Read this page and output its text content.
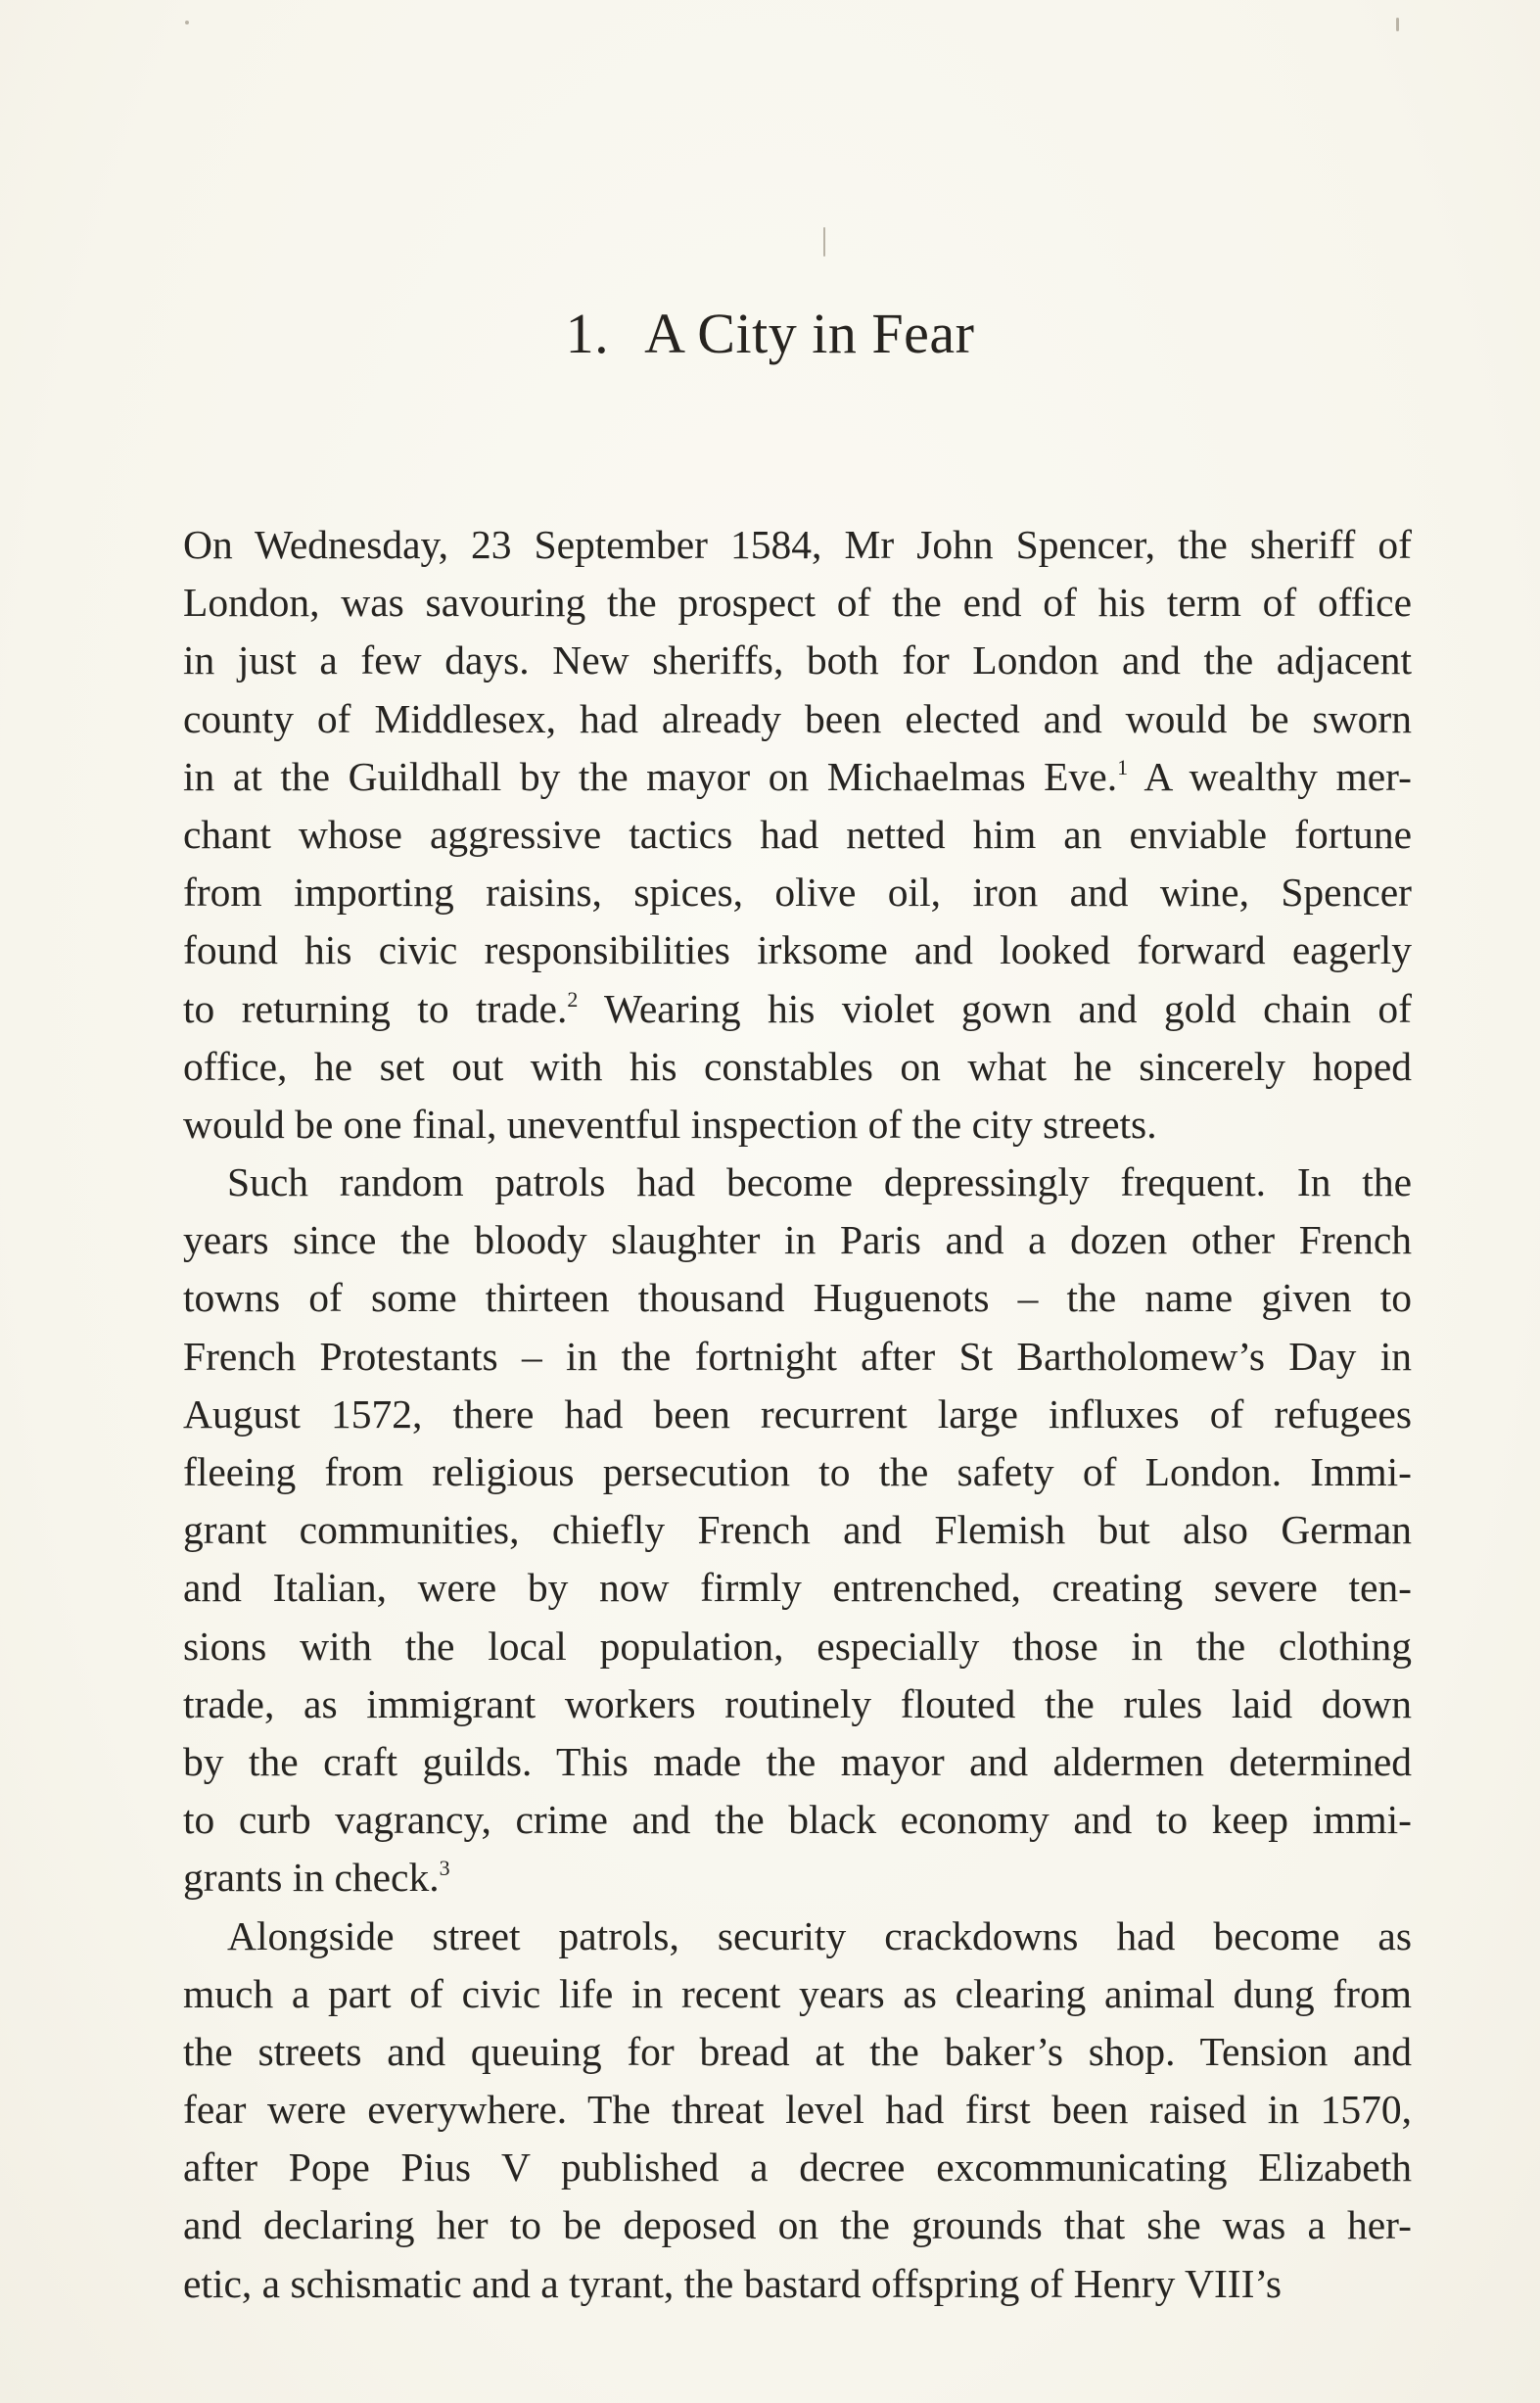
1. A City in Fear
On Wednesday, 23 September 1584, Mr John Spencer, the sheriff of
London, was savouring the prospect of the end of his term of office
in just a few days. New sheriffs, both for London and the adjacent
county of Middlesex, had already been elected and would be sworn
in at the Guildhall by the mayor on Michaelmas Eve.$^1$ A wealthy mer-
chant whose aggressive tactics had netted him an enviable fortune
from importing raisins, spices, olive oil, iron and wine, Spencer
found his civic responsibilities irksome and looked forward eagerly
to returning to trade.$^2$ Wearing his violet gown and gold chain of
office, he set out with his constables on what he sincerely hoped
would be one final, uneventful inspection of the city streets.
Such random patrols had become depressingly frequent. In the
years since the bloody slaughter in Paris and a dozen other French
towns of some thirteen thousand Huguenots – the name given to
French Protestants – in the fortnight after St Bartholomew’s Day in
August 1572, there had been recurrent large influxes of refugees
fleeing from religious persecution to the safety of London. Immi-
grant communities, chiefly French and Flemish but also German
and Italian, were by now firmly entrenched, creating severe ten-
sions with the local population, especially those in the clothing
trade, as immigrant workers routinely flouted the rules laid down
by the craft guilds. This made the mayor and aldermen determined
to curb vagrancy, crime and the black economy and to keep immi-
grants in check.$^3$
Alongside street patrols, security crackdowns had become as
much a part of civic life in recent years as clearing animal dung from
the streets and queuing for bread at the baker’s shop. Tension and
fear were everywhere. The threat level had first been raised in 1570,
after Pope Pius V published a decree excommunicating Elizabeth
and declaring her to be deposed on the grounds that she was a her-
etic, a schismatic and a tyrant, the bastard offspring of Henry VIII’s
